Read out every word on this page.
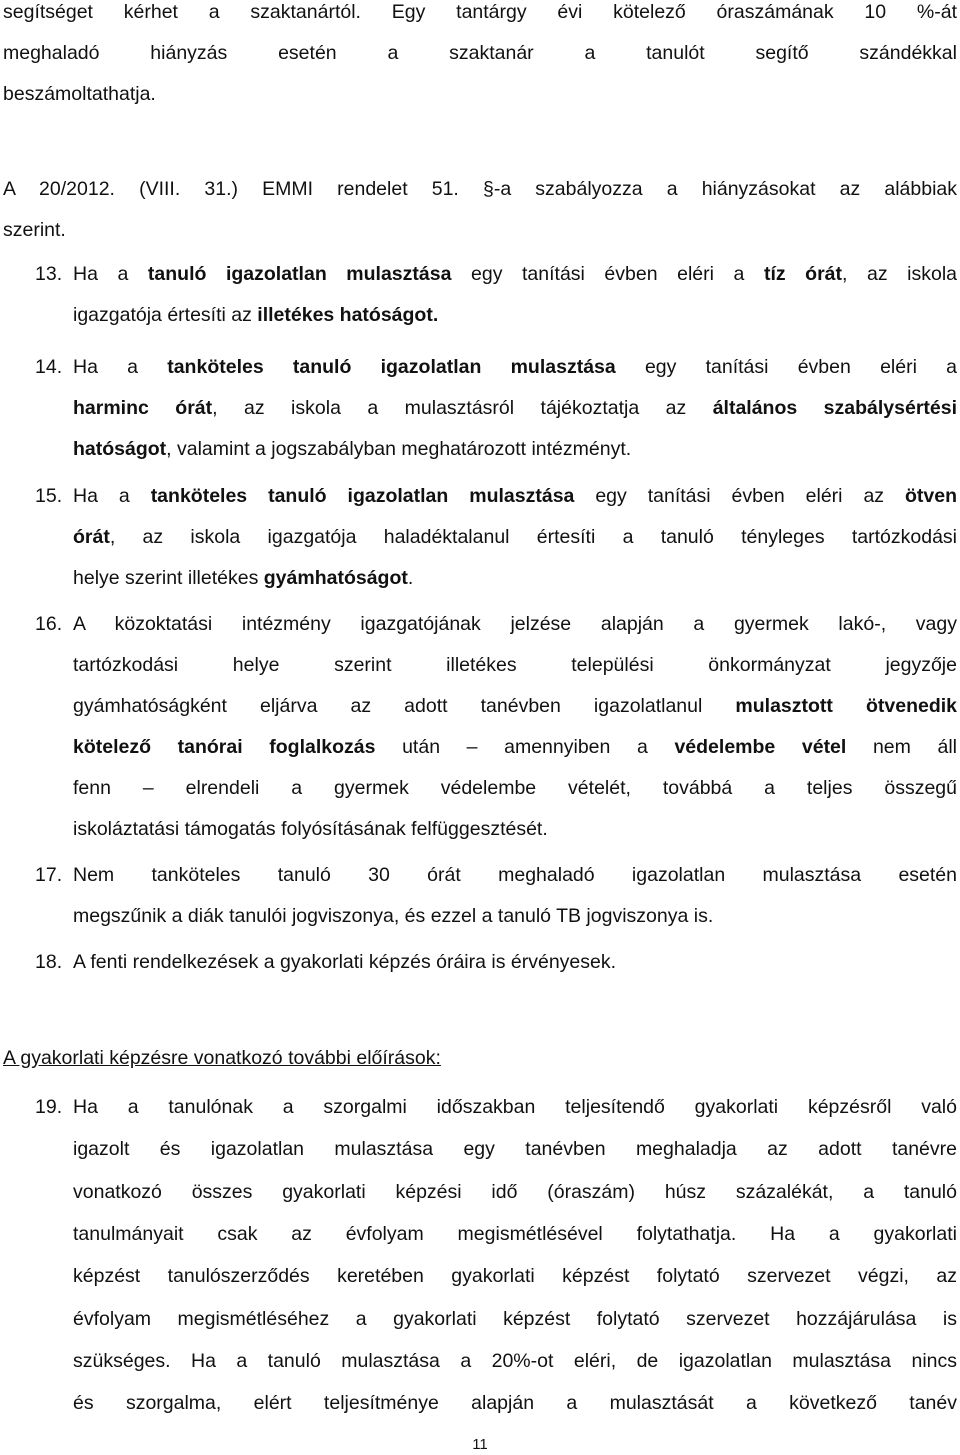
segítséget kérhet a szaktanártól. Egy tantárgy évi kötelező óraszámának 10 %-át
meghaladó hiányzás esetén a szaktanár a tanulót segítő szándékkal
beszámoltathatja.
A 20/2012. (VIII. 31.) EMMI rendelet 51. §-a szabályozza a hiányzásokat az alábbiak
szerint.
13. Ha a tanuló igazolatlan mulasztása egy tanítási évben eléri a tíz órát, az iskola
igazgatója értesíti az illetékes hatóságot.
14. Ha a tanköteles tanuló igazolatlan mulasztása egy tanítási évben eléri a
harminc órát, az iskola a mulasztásról tájékoztatja az általános szabálysértési
hatóságot, valamint a jogszabályban meghatározott intézményt.
15. Ha a tanköteles tanuló igazolatlan mulasztása egy tanítási évben eléri az ötven
órát, az iskola igazgatója haladéktalanul értesíti a tanuló tényleges tartózkodási
helye szerint illetékes gyámhatóságot.
16. A közoktatási intézmény igazgatójának jelzése alapján a gyermek lakó-, vagy
tartózkodási helye szerint illetékes települési önkormányzat jegyzője
gyámhatóságként eljárva az adott tanévben igazolatlanul mulasztott ötvenedik
kötelező tanórai foglalkozás után – amennyiben a védelembe vétel nem áll
fenn – elrendeli a gyermek védelembe vételét, továbbá a teljes összegű
iskoláztatási támogatás folyósításának felfüggesztését.
17. Nem tanköteles tanuló 30 órát meghaladó igazolatlan mulasztása esetén
megszűnik a diák tanulói jogviszonya, és ezzel a tanuló TB jogviszonya is.
18. A fenti rendelkezések a gyakorlati képzés óráira is érvényesek.
A gyakorlati képzésre vonatkozó további előírások:
19. Ha a tanulónak a szorgalmi időszakban teljesítendő gyakorlati képzésről való
igazolt és igazolatlan mulasztása egy tanévben meghaladja az adott tanévre
vonatkozó összes gyakorlati képzési idő (óraszám) húsz százalékát, a tanuló
tanulmányait csak az évfolyam megismétlésével folytathatja. Ha a gyakorlati
képzést tanulószerződés keretében gyakorlati képzést folytató szervezet végzi, az
évfolyam megismétléséhez a gyakorlati képzést folytató szervezet hozzájárulása is
szükséges. Ha a tanuló mulasztása a 20%-ot eléri, de igazolatlan mulasztása nincs
és szorgalma, elért teljesítménye alapján a mulasztását a következő tanév
11
